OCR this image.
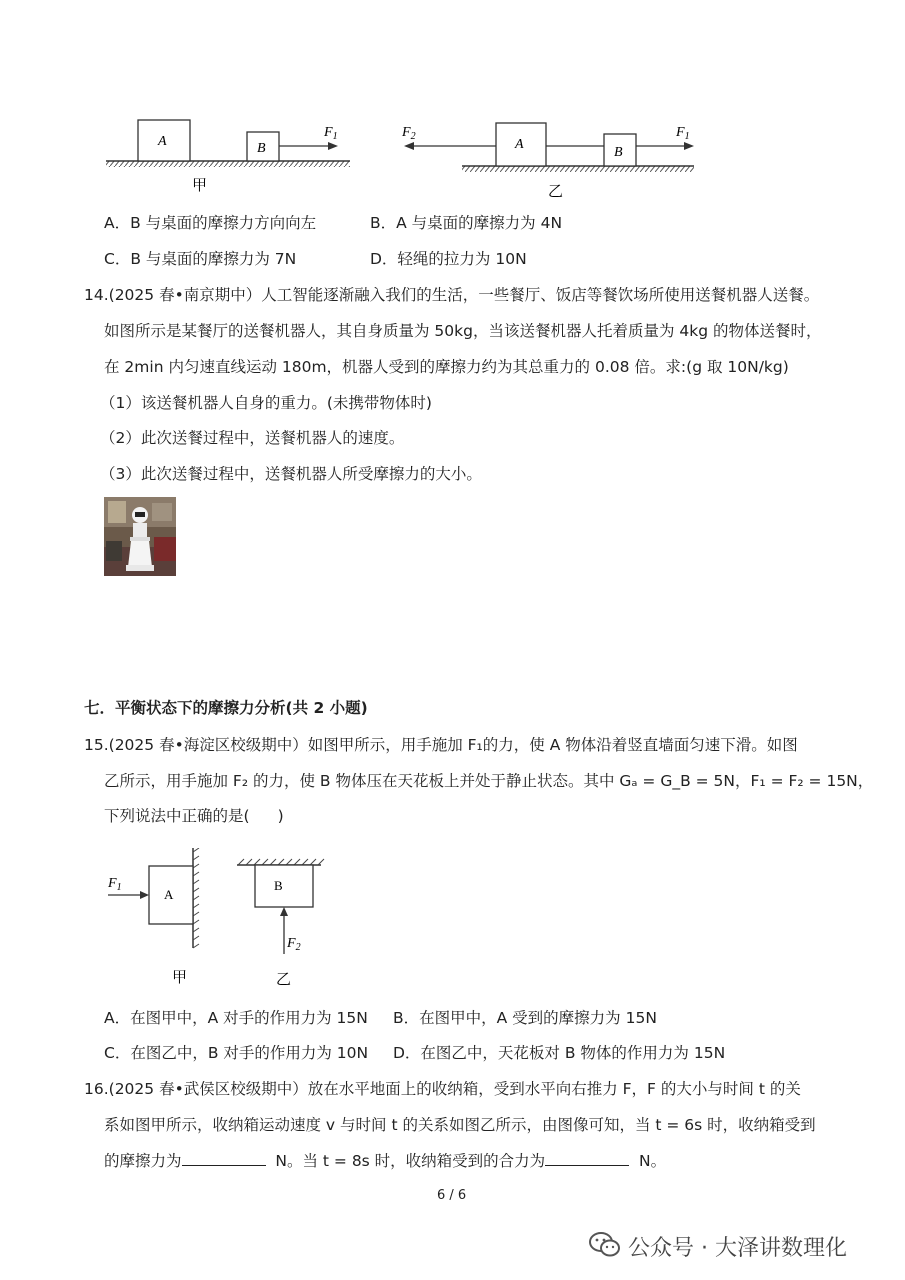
A	B
$F_1$
甲
$F_2$
A
B
$F_1$
乙
A．B 与桌面的摩擦力方向向左	B．A 与桌面的摩擦力为 4N
C．B 与桌面的摩擦力为 7N	D．轻绳的拉力为 10N
14.(2025 春•南京期中）人工智能逐渐融入我们的生活，一些餐厅、饭店等餐饮场所使用送餐机器人送餐。
如图所示是某餐厅的送餐机器人，其自身质量为 50kg，当该送餐机器人托着质量为 4kg 的物体送餐时，
在 2min 内匀速直线运动 180m，机器人受到的摩擦力约为其总重力的 0.08 倍。求:(g 取 10N/kg)
（1）该送餐机器人自身的重力。(未携带物体时)
（2）此次送餐过程中，送餐机器人的速度。
（3）此次送餐过程中，送餐机器人所受摩擦力的大小。
七．平衡状态下的摩擦力分析(共 2 小题)
15.(2025 春•海淀区校级期中）如图甲所示，用手施加 F₁的力，使 A 物体沿着竖直墙面匀速下滑。如图
乙所示，用手施加 F₂ 的力，使 B 物体压在天花板上并处于静止状态。其中 Gₐ = G_B = 5N，F₁ = F₂ = 15N，
下列说法中正确的是( )
A
$F_1$
甲
B
$F_2$
乙
A．在图甲中，A 对手的作用力为 15N B．在图甲中，A 受到的摩擦力为 15N
C．在图乙中，B 对手的作用力为 10N D．在图乙中，天花板对 B 物体的作用力为 15N
16.(2025 春•武侯区校级期中）放在水平地面上的收纳箱，受到水平向右推力 F，F 的大小与时间 t 的关
系如图甲所示，收纳箱运动速度 v 与时间 t 的关系如图乙所示，由图像可知，当 t = 6s 时，收纳箱受到
的摩擦力为	N。当 t = 8s 时，收纳箱受到的合力为	N。
6 / 6
公众号 · 大泽讲数理化
